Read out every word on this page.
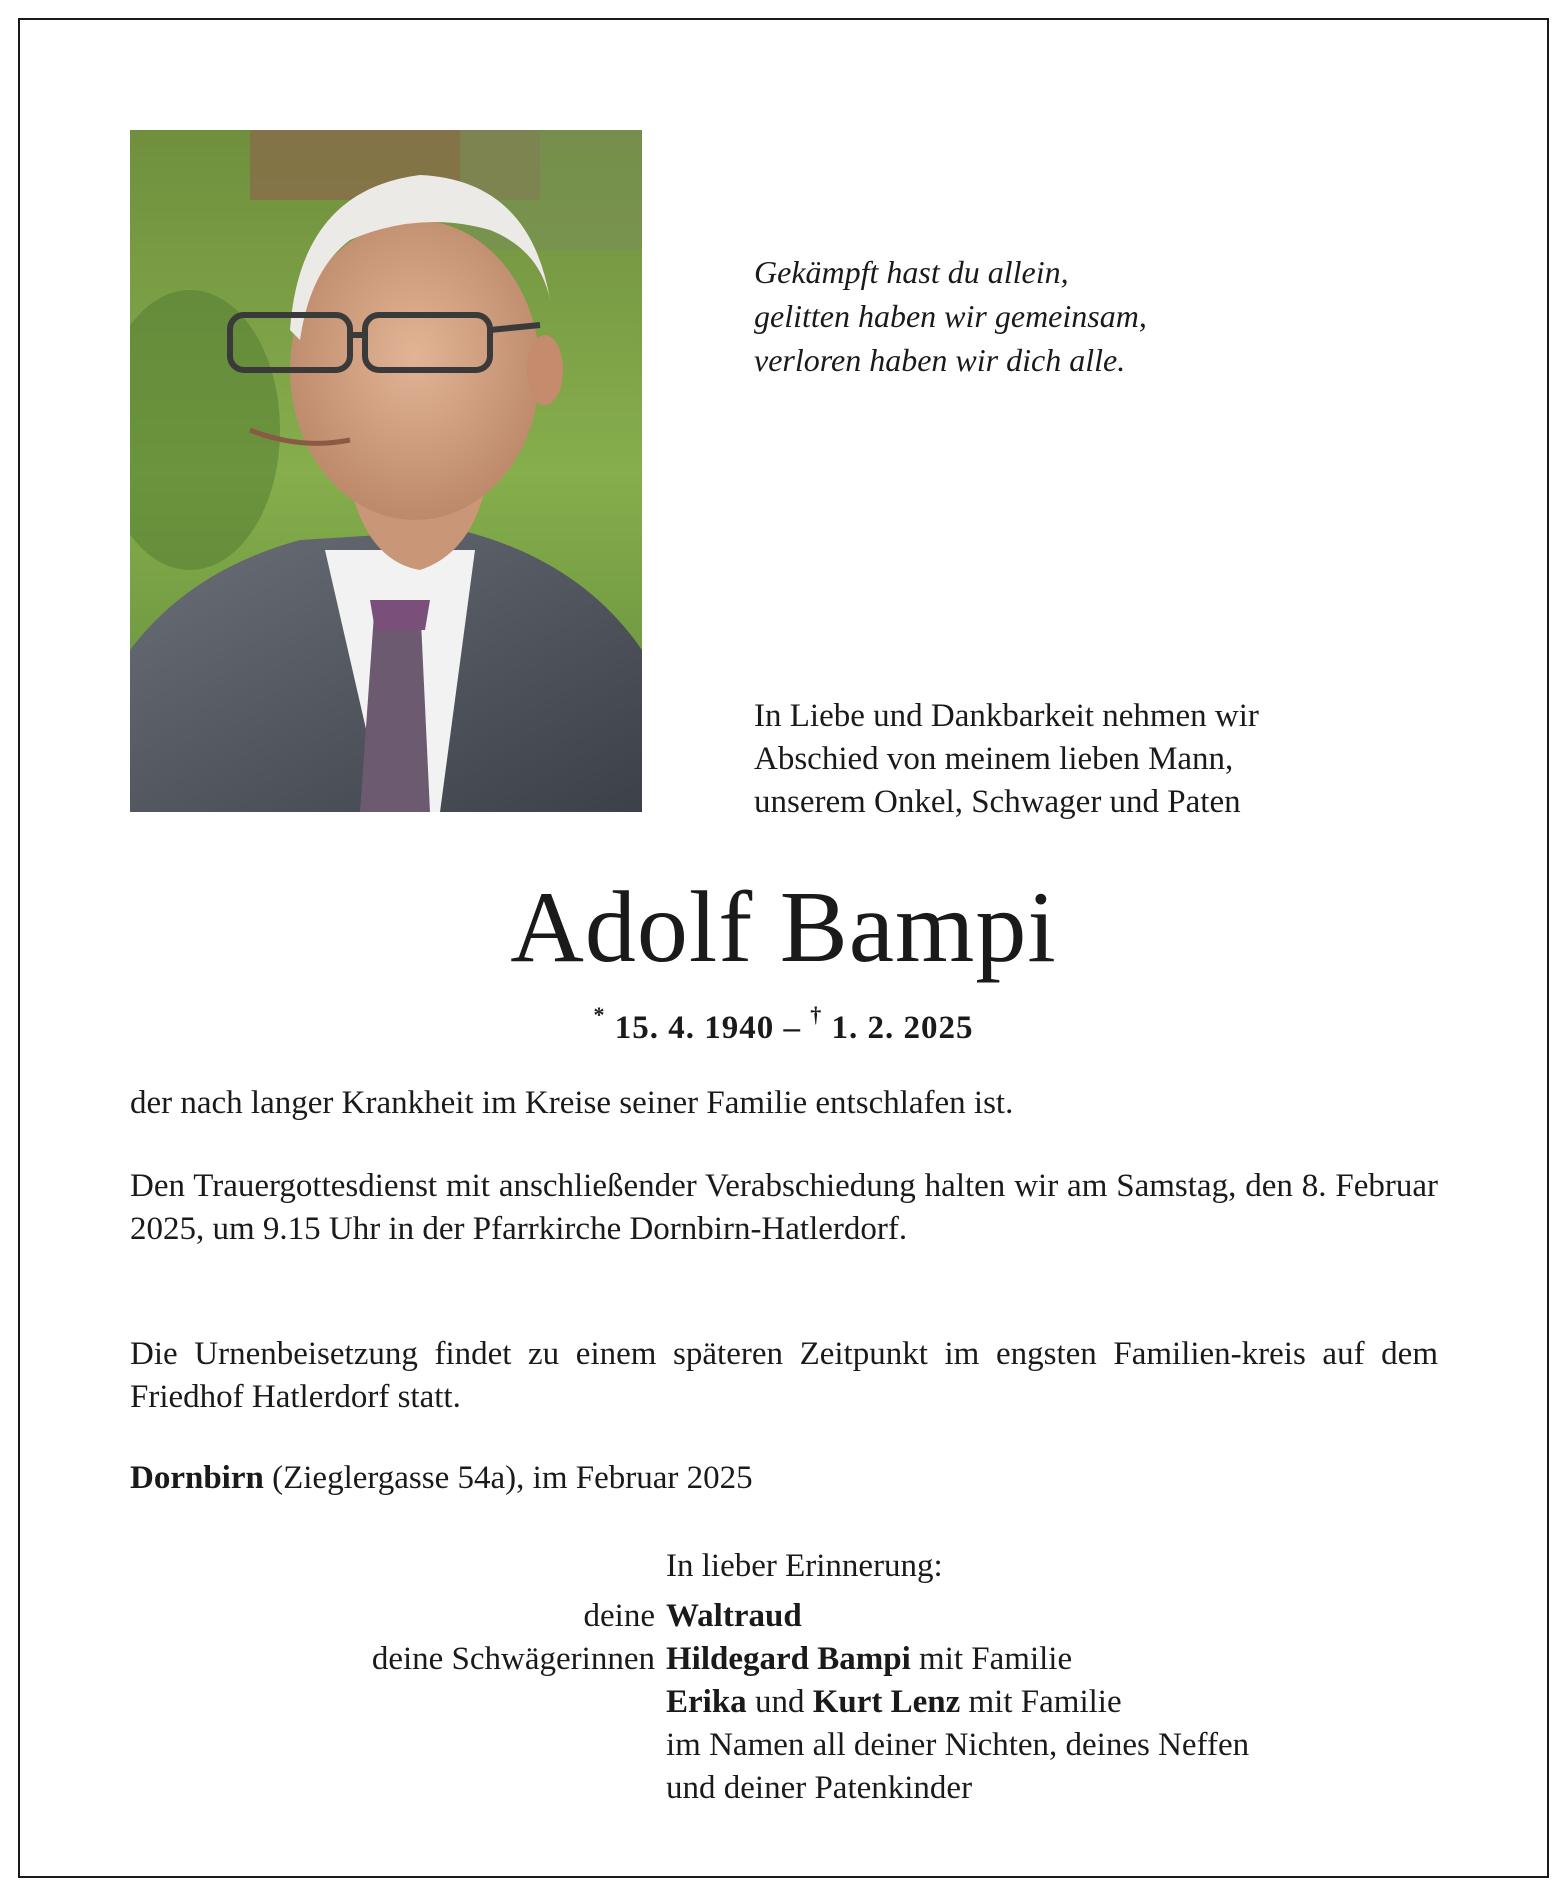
Gekämpft hast du allein,
gelitten haben wir gemeinsam,
verloren haben wir dich alle.
In Liebe und Dankbarkeit nehmen wir
Abschied von meinem lieben Mann,
unserem Onkel, Schwager und Paten
Adolf Bampi
* 15. 4. 1940 – † 1. 2. 2025
der nach langer Krankheit im Kreise seiner Familie entschlafen ist.
Den Trauergottesdienst mit anschließender Verabschiedung halten wir am Samstag, den 8. Februar 2025, um 9.15 Uhr in der Pfarrkirche Dornbirn-Hatlerdorf.
Die Urnenbeisetzung findet zu einem späteren Zeitpunkt im engsten Familien-kreis auf dem Friedhof Hatlerdorf statt.
Dornbirn (Zieglergasse 54a), im Februar 2025
In lieber Erinnerung:
deine Waltraud
deine Schwägerinnen Hildegard Bampi mit Familie
Erika und Kurt Lenz mit Familie
im Namen all deiner Nichten, deines Neffen
und deiner Patenkinder
